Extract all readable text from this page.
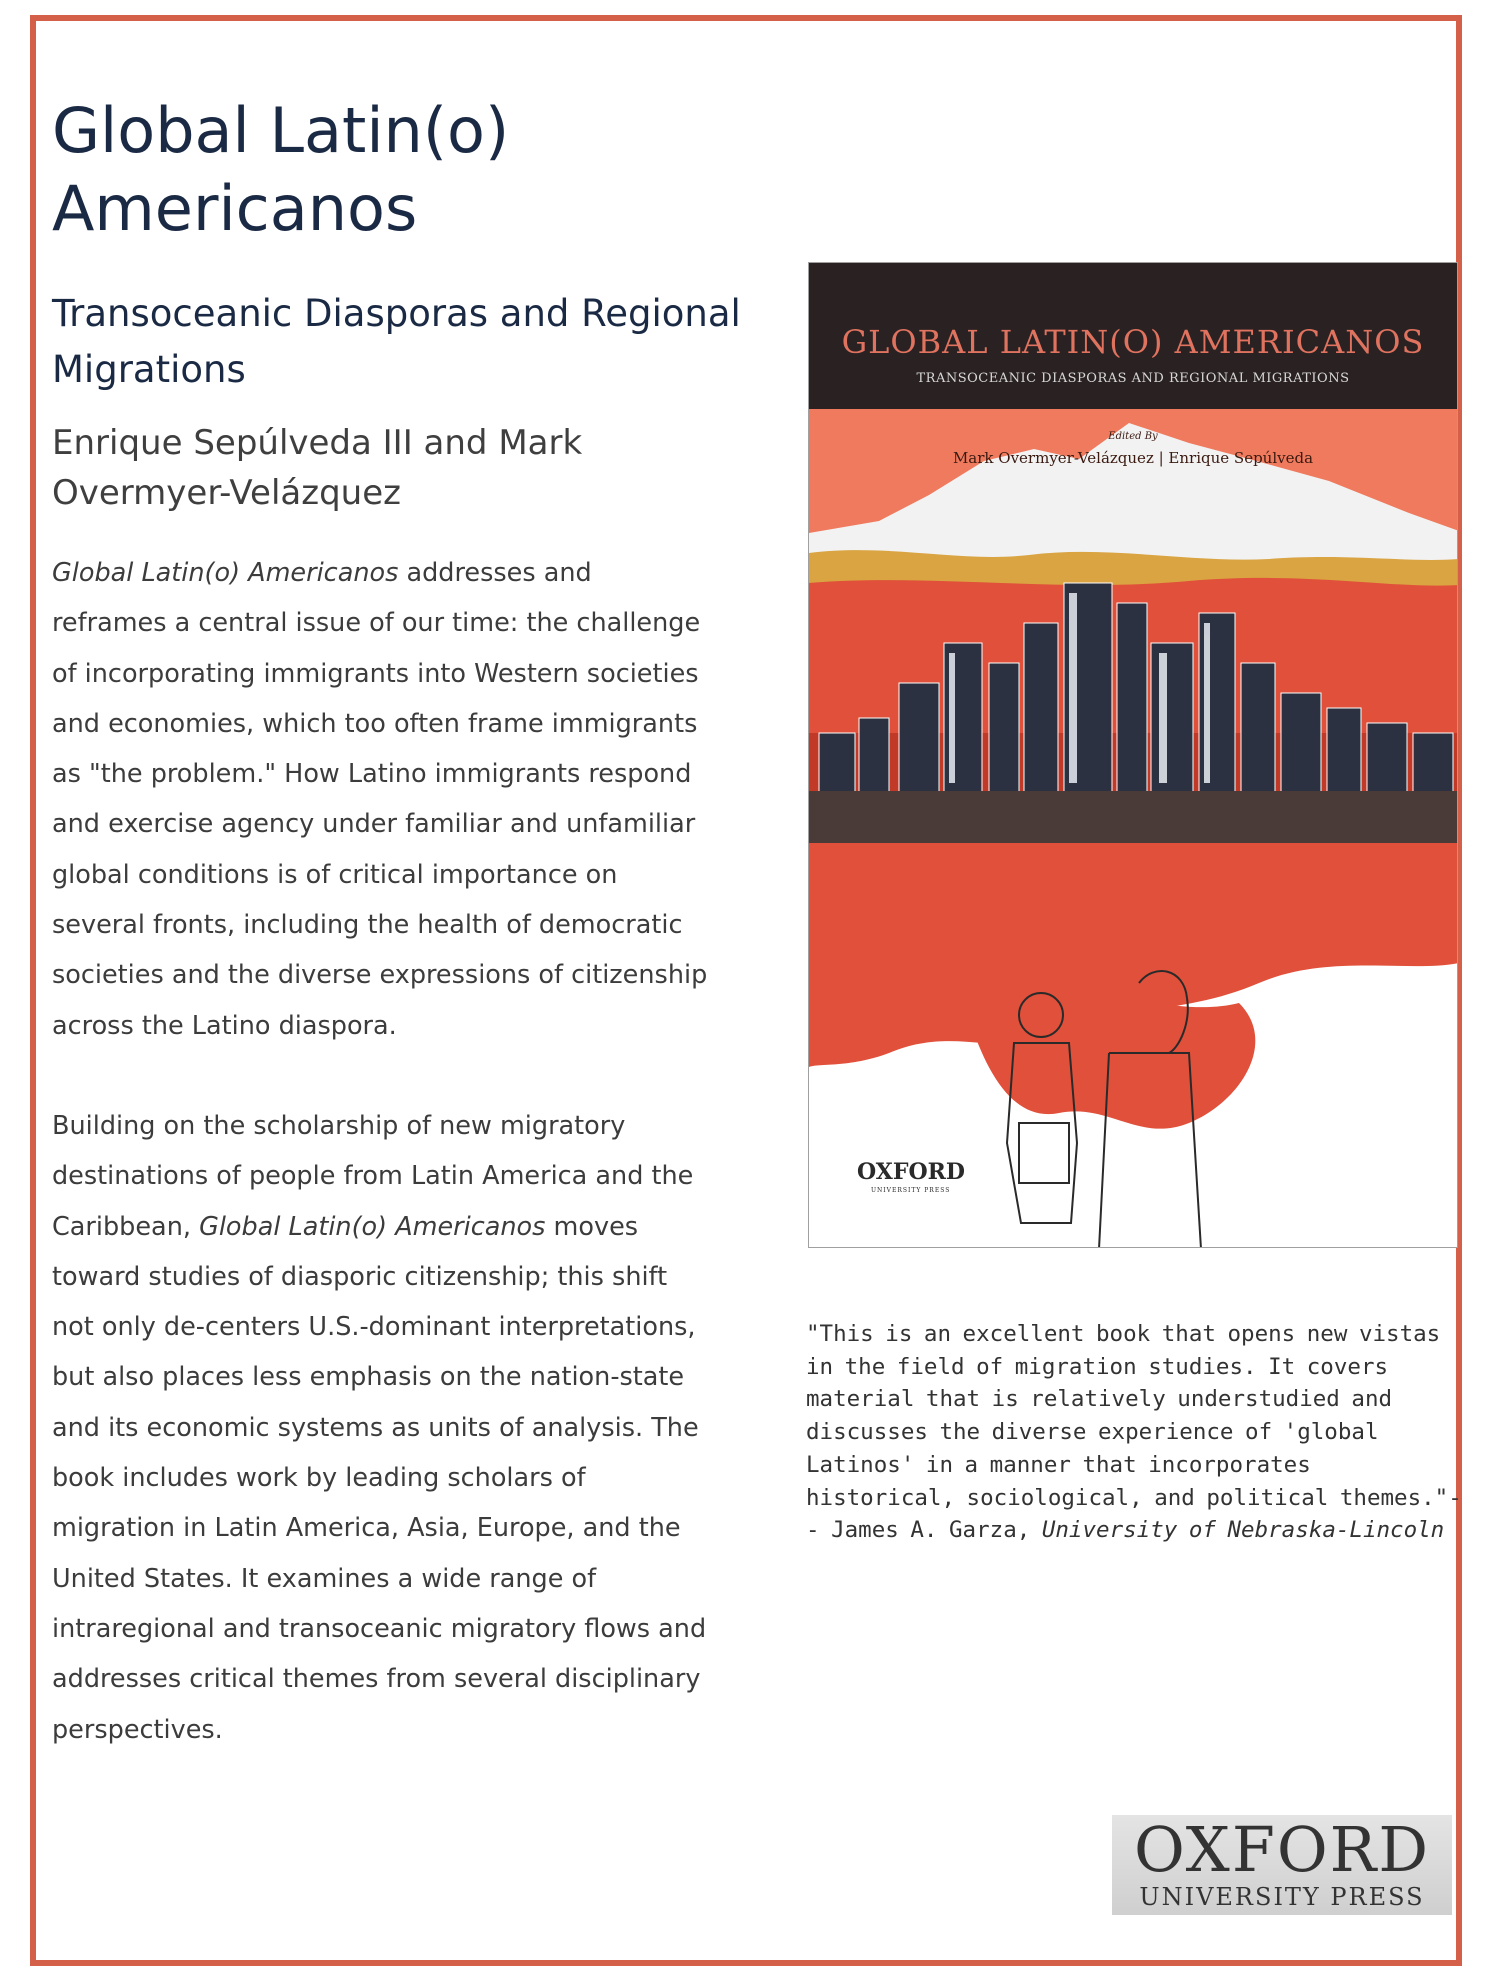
Global Latin(o) Americanos
Transoceanic Diasporas and Regional Migrations
Enrique Sepúlveda III and Mark Overmyer-Velázquez

Global Latin(o) Americanos addresses and reframes a central issue of our time: the challenge of incorporating immigrants into Western societies and economies, which too often frame immigrants as "the problem." How Latino immigrants respond and exercise agency under familiar and unfamiliar global conditions is of critical importance on several fronts, including the health of democratic societies and the diverse expressions of citizenship across the Latino diaspora.

Building on the scholarship of new migratory destinations of people from Latin America and the Caribbean, Global Latin(o) Americanos moves toward studies of diasporic citizenship; this shift not only de-centers U.S.-dominant interpretations, but also places less emphasis on the nation-state and its economic systems as units of analysis. The book includes work by leading scholars of migration in Latin America, Asia, Europe, and the United States. It examines a wide range of intraregional and transoceanic migratory flows and addresses critical themes from several disciplinary perspectives.

GLOBAL LATIN(O) AMERICANOS
TRANSOCEANIC DIASPORAS AND REGIONAL MIGRATIONS
Edited By
Mark Overmyer-Velázquez | Enrique Sepúlveda
OXFORD
UNIVERSITY PRESS
"This is an excellent book that opens new vistas in the field of migration studies. It covers material that is relatively understudied and discusses the diverse experience of 'global Latinos' in a manner that incorporates historical, sociological, and political themes."-- James A. Garza, University of Nebraska-Lincoln
OXFORD
UNIVERSITY PRESS
